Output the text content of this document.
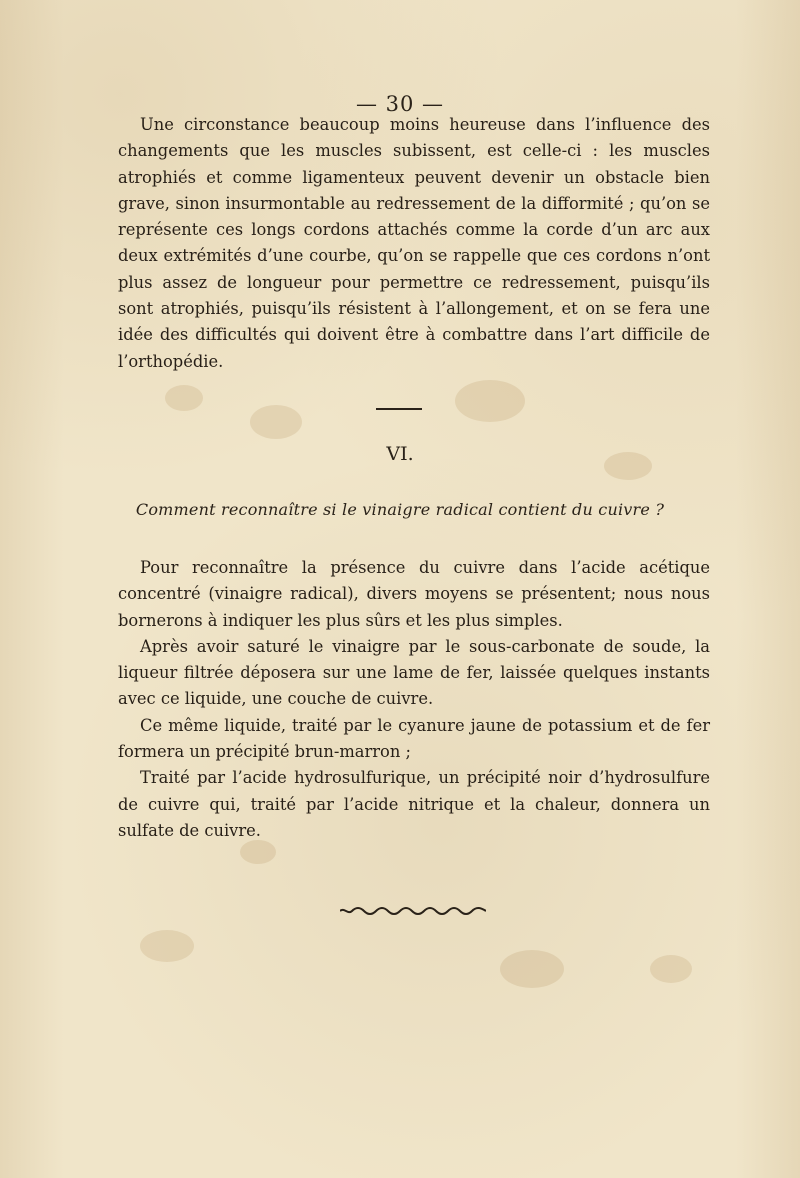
— 30 —

Une circonstance beaucoup moins heureuse dans l’influence des changements que les muscles subissent, est celle-ci : les muscles atrophiés et comme ligamenteux peuvent devenir un obstacle bien grave, sinon insurmontable au redressement de la difformité ; qu’on se représente ces longs cordons attachés comme la corde d’un arc aux deux extrémités d’une courbe, qu’on se rappelle que ces cordons n’ont plus assez de longueur pour permettre ce redressement, puisqu’ils sont atrophiés, puisqu’ils résistent à l’allongement, et on se fera une idée des difficultés qui doivent être à combattre dans l’art difficile de l’orthopédie.

VI.
Comment reconnaître si le vinaigre radical contient du cuivre ?

Pour reconnaître la présence du cuivre dans l’acide acétique concentré (vinaigre radical), divers moyens se présentent; nous nous bornerons à indiquer les plus sûrs et les plus simples.

Après avoir saturé le vinaigre par le sous-carbonate de soude, la liqueur filtrée déposera sur une lame de fer, laissée quelques instants avec ce liquide, une couche de cuivre.

Ce même liquide, traité par le cyanure jaune de potassium et de fer formera un précipité brun-marron ;

Traité par l’acide hydrosulfurique, un précipité noir d’hydrosulfure de cuivre qui, traité par l’acide nitrique et la chaleur, donnera un sulfate de cuivre.
